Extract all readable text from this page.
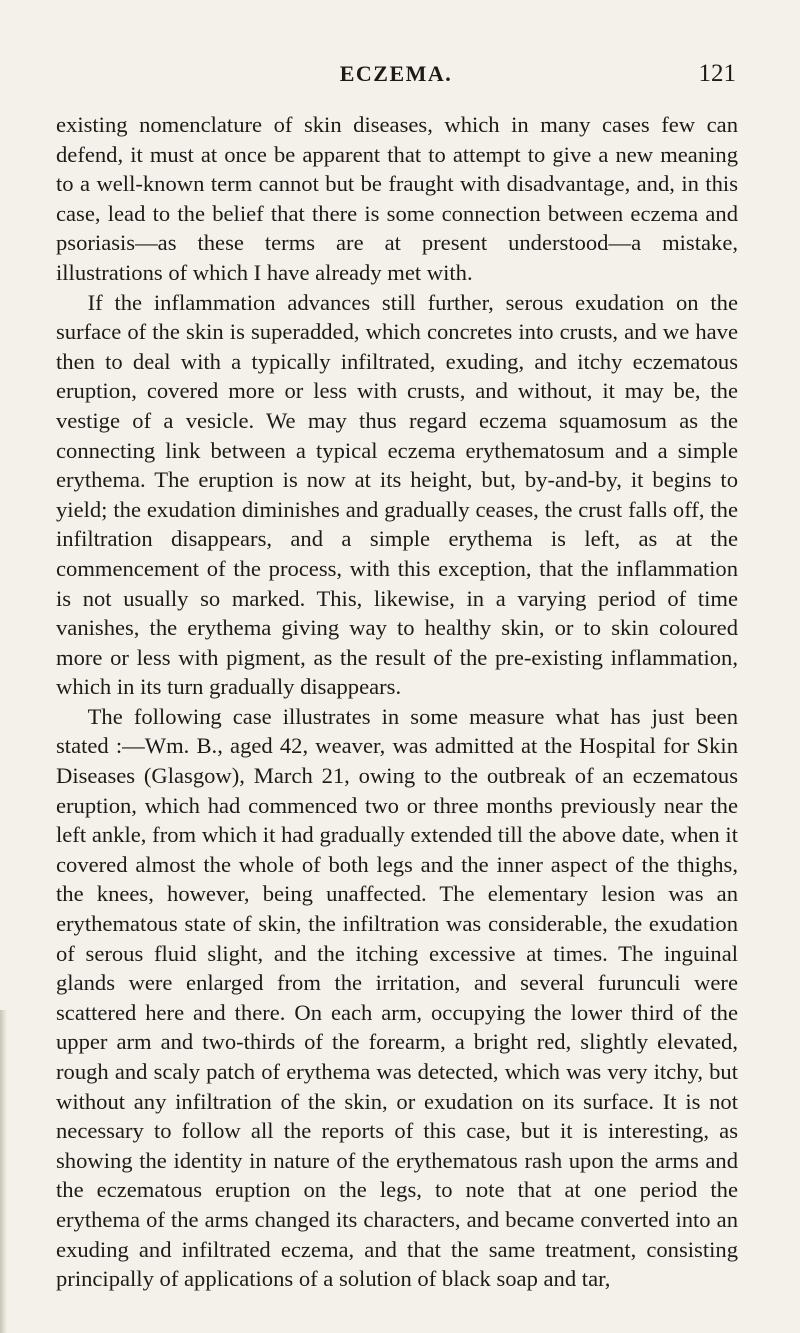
ECZEMA.	121

existing nomenclature of skin diseases, which in many cases few can defend, it must at once be apparent that to attempt to give a new meaning to a well-known term cannot but be fraught with disadvantage, and, in this case, lead to the belief that there is some connection between eczema and psoriasis—as these terms are at present understood—a mistake, illustrations of which I have already met with.

If the inflammation advances still further, serous exudation on the surface of the skin is superadded, which concretes into crusts, and we have then to deal with a typically infiltrated, exuding, and itchy eczematous eruption, covered more or less with crusts, and without, it may be, the vestige of a vesicle. We may thus regard eczema squamosum as the connecting link between a typical eczema erythematosum and a simple erythema. The eruption is now at its height, but, by-and-by, it begins to yield; the exudation diminishes and gradually ceases, the crust falls off, the infiltration disappears, and a simple erythema is left, as at the commencement of the process, with this exception, that the inflammation is not usually so marked. This, likewise, in a varying period of time vanishes, the erythema giving way to healthy skin, or to skin coloured more or less with pigment, as the result of the pre-existing inflammation, which in its turn gradually disappears.

The following case illustrates in some measure what has just been stated :—Wm. B., aged 42, weaver, was admitted at the Hospital for Skin Diseases (Glasgow), March 21, owing to the outbreak of an eczematous eruption, which had commenced two or three months previously near the left ankle, from which it had gradually extended till the above date, when it covered almost the whole of both legs and the inner aspect of the thighs, the knees, however, being unaffected. The elementary lesion was an erythematous state of skin, the infiltration was considerable, the exudation of serous fluid slight, and the itching excessive at times. The inguinal glands were enlarged from the irritation, and several furunculi were scattered here and there. On each arm, occupying the lower third of the upper arm and two-thirds of the forearm, a bright red, slightly elevated, rough and scaly patch of erythema was detected, which was very itchy, but without any infiltration of the skin, or exudation on its surface. It is not necessary to follow all the reports of this case, but it is interesting, as showing the identity in nature of the erythematous rash upon the arms and the eczematous eruption on the legs, to note that at one period the erythema of the arms changed its characters, and became converted into an exuding and infiltrated eczema, and that the same treatment, consisting principally of applications of a solution of black soap and tar,
